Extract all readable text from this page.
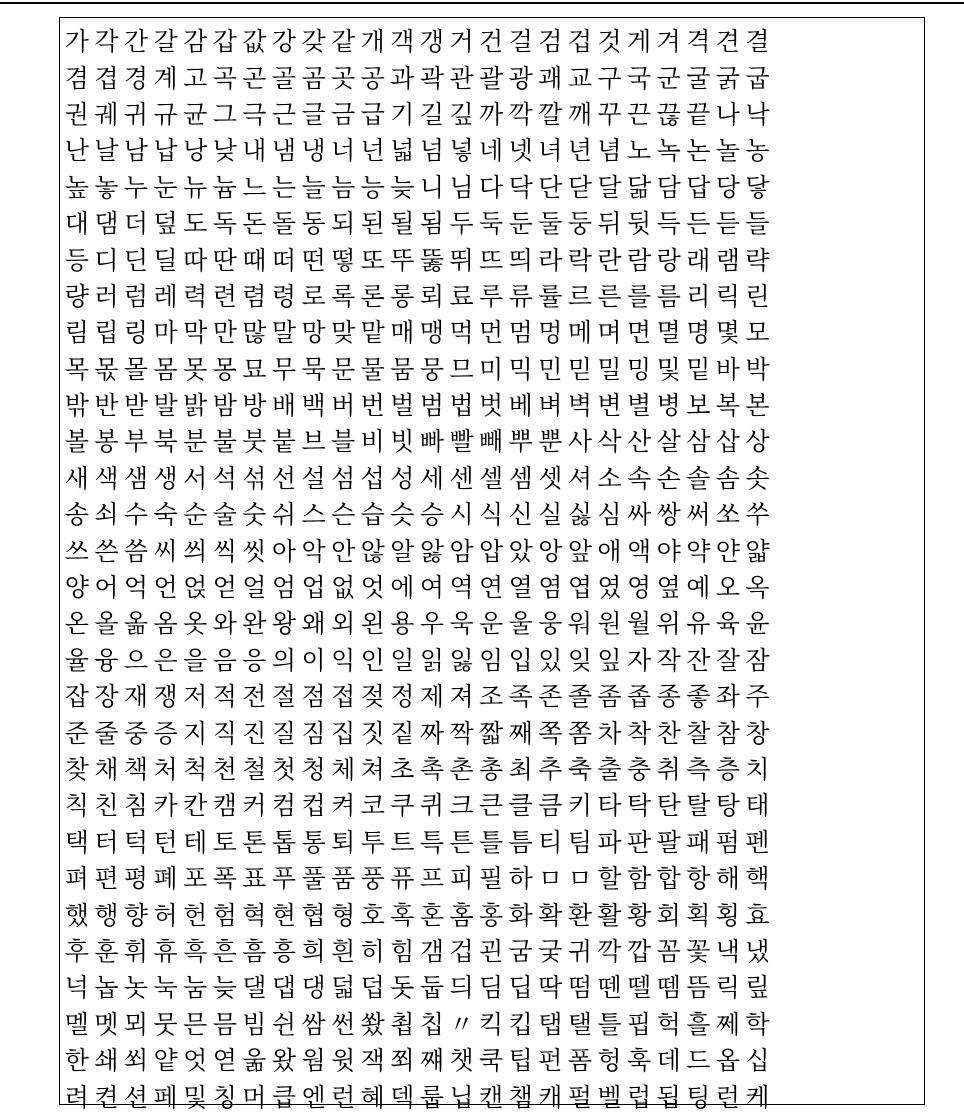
가 각 간 갈 감 갑 값 강 갖 같 개 객 갱 거 건 걸 검 겁 것 게 겨 격 견 결
겸 겹 경 계 고 곡 곤 골 곰 곳 공 과 곽 관 괄 광 괘 교 구 국 군 굴 굵 굽
권 궤 귀 규 균 그 극 근 글 금 급 기 길 깊 까 깍 깔 깨 꾸 끈 끊 끝 나 낙
난 날 남 납 낭 낮 내 냄 냉 너 넌 넓 넘 넣 네 넷 녀 년 념 노 녹 논 놀 농
높 놓 누 눈 뉴 늄 느 는 늘 늠 능 늦 니 님 다 닥 단 닫 달 닮 담 답 당 닿
대 댐 더 덮 도 독 돈 돌 동 되 된 될 됨 두 둑 둔 둘 둥 뒤 뒷 득 든 듣 들
등 디 딘 딜 따 딴 때 떠 떤 떻 또 뚜 뚫 뛰 뜨 띄 라 락 란 람 랑 래 램 략
량 러 럼 레 력 련 렴 령 로 록 론 롱 뢰 료 루 류 률 르 른 를 름 리 릭 린
림 립 링 마 막 만 많 말 망 맞 맡 매 맹 먹 먼 멈 멍 메 며 면 멸 명 몇 모
목 몫 몰 몸 못 몽 묘 무 묵 문 물 뭄 뭉 므 미 믹 민 믿 밀 밍 및 밑 바 박
밖 반 받 발 밝 밤 방 배 백 버 번 벌 범 법 벗 베 벼 벽 변 별 병 보 복 본
볼 봉 부 북 분 불 붓 붙 브 블 비 빗 빠 빨 빼 뿌 뿐 사 삭 산 살 삼 삽 상
새 색 샘 생 서 석 섞 선 설 섬 섭 성 세 센 셀 셈 셋 셔 소 속 손 솔 솜 솟
송 쇠 수 숙 순 술 숫 쉬 스 슨 습 슷 승 시 식 신 실 싫 심 싸 쌍 써 쏘 쑤
쓰 쓴 씀 씨 씌 씩 씻 아 악 안 않 알 앓 암 압 았 앙 앞 애 액 야 약 얀 얇
양 어 억 언 얹 얻 얼 엄 업 없 엇 에 여 역 연 열 염 엽 였 영 옆 예 오 옥
온 올 옮 옴 옷 와 완 왕 왜 외 왼 용 우 욱 운 울 웅 워 원 월 위 유 육 윤
율 융 으 은 을 음 응 의 이 익 인 일 읽 잃 임 입 있 잊 잎 자 작 잔 잘 잠
잡 장 재 쟁 저 적 전 절 점 접 젖 정 제 져 조 족 존 졸 좀 좁 종 좋 좌 주
준 줄 중 증 지 직 진 질 짐 집 짓 짙 짜 짝 짧 째 쪽 쫌 차 착 찬 찰 참 창
찾 채 책 처 척 천 철 첫 청 체 쳐 초 촉 촌 총 최 추 축 출 충 취 측 층 치
칙 친 침 카 칸 캠 커 컴 컵 켜 코 쿠 퀴 크 큰 클 큼 키 타 탁 탄 탈 탕 태
택 터 턱 턴 테 토 톤 톱 통 퇴 투 트 특 튼 틀 틈 티 팀 파 판 팔 패 펌 펜
펴 편 평 폐 포 폭 표 푸 풀 품 풍 퓨 프 피 필 하 ㅁ ㅁ 할 함 합 항 해 핵
했 행 향 허 헌 험 혁 현 협 형 호 혹 혼 홈 홍 화 확 환 활 황 회 획 횡 효
후 훈 휘 휴 흑 흔 흠 흥 희 흰 히 힘 갬 겁 괸 굼 궂 귀 깍 깝 꼼 꽃 낵 냈
넉 놉 놋 눅 눔 늦 댈 댑 댕 덟 덥 돗 둡 듸 딤 딥 딱 떰 뗀 뗄 뗌 뜸 릭 맆
멜 멧 뫼 뭇 믄 믐 빔 쉰 쌈 썬 쐈 쵭 칩 〃 킥 킵 탭 탤 틀 핍 헉 흘 쩨 학
한 쇄 쐬 얕 엇 엳 욺 왔 웜 윗 잭 쬐 쨰 챗 쿡 팁 펀 폼 헝 훅 데 드 옵 십
려 켠 션 페 및 칭 머 큽 엔 런 혜 덱 룹 닙 캔 챔 캐 펄 벨 럽 됩 팅 런 케
